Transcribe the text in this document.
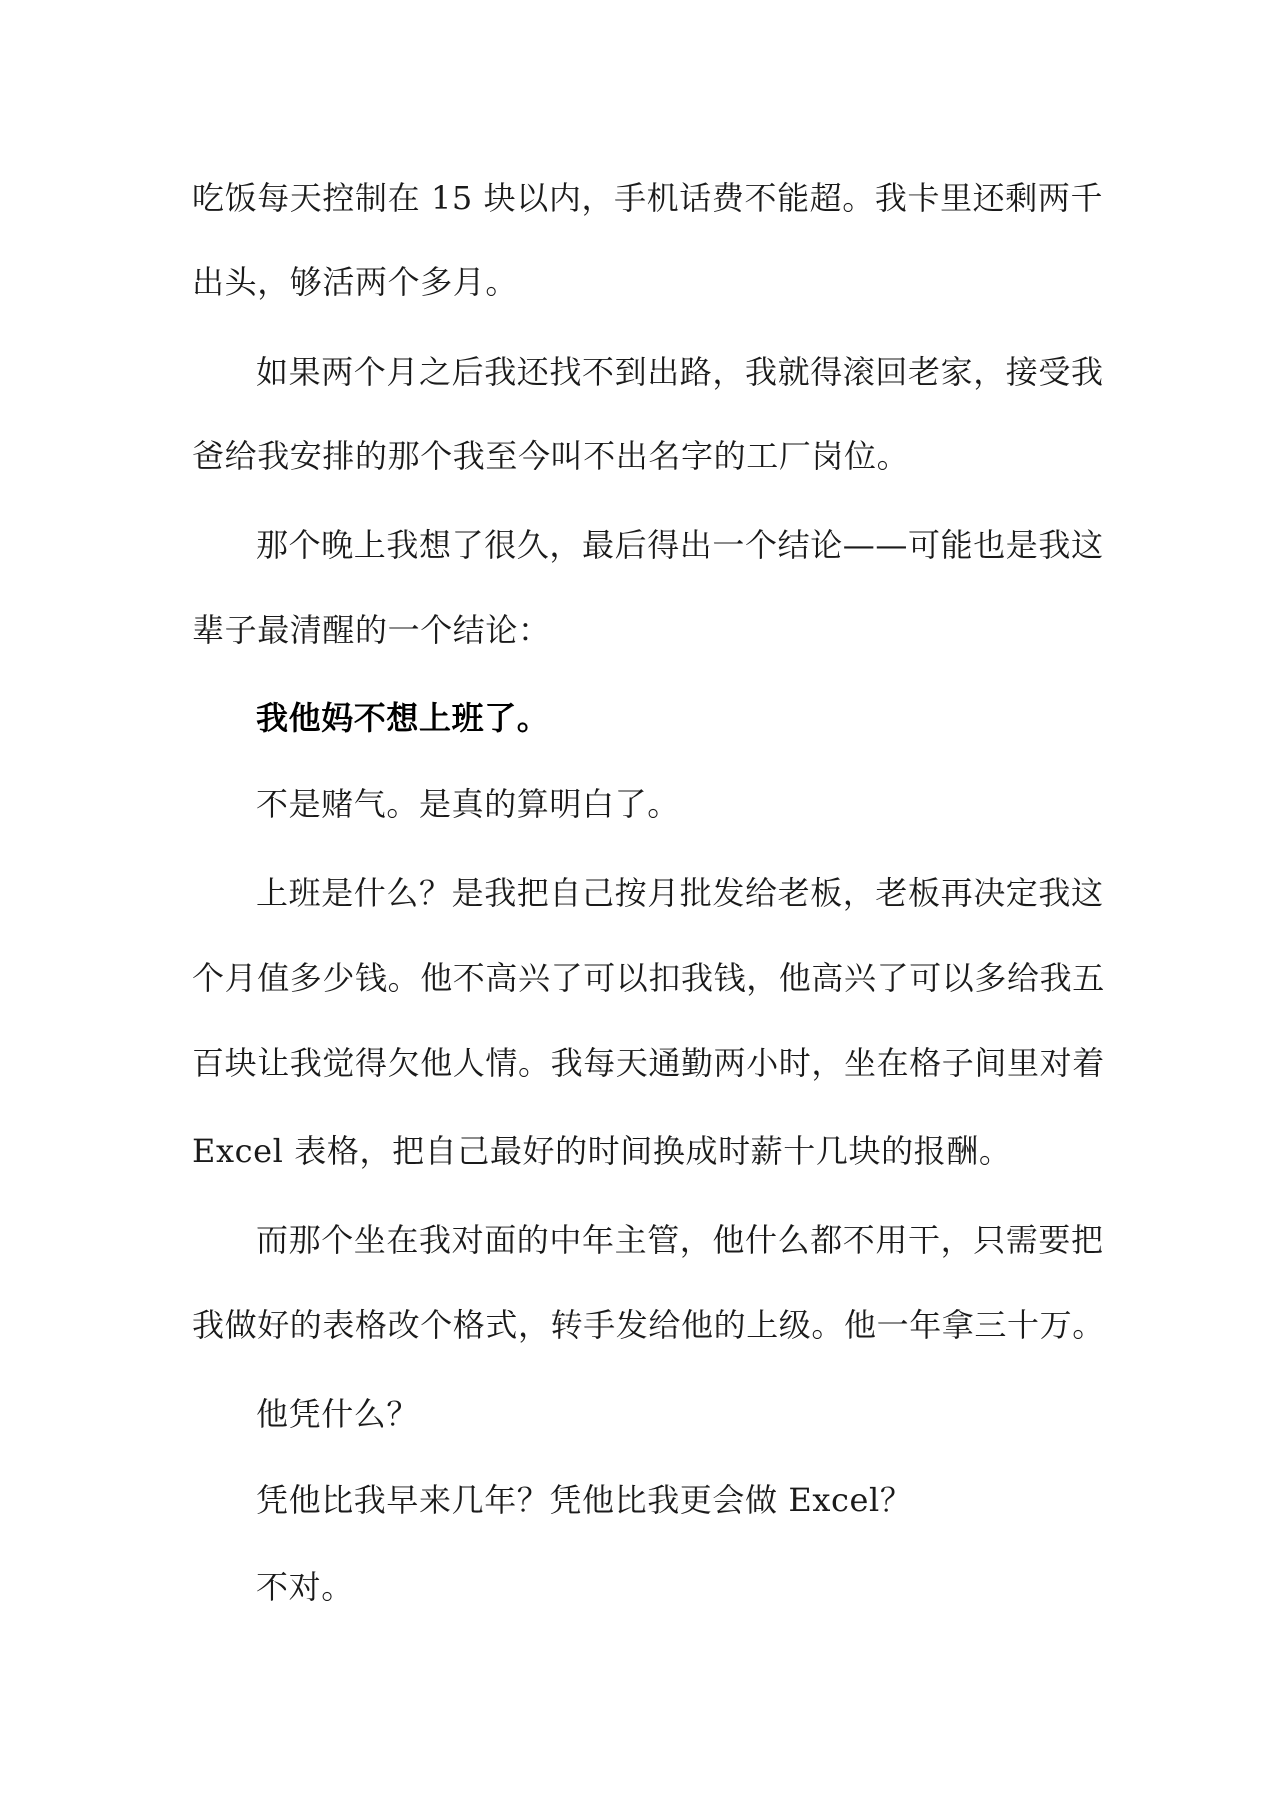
吃饭每天控制在 15 块以内，手机话费不能超。我卡里还剩两千

出头，够活两个多月。

如果两个月之后我还找不到出路，我就得滚回老家，接受我

爸给我安排的那个我至今叫不出名字的工厂岗位。

那个晚上我想了很久，最后得出一个结论——可能也是我这

辈子最清醒的一个结论：

我他妈不想上班了。

不是赌气。是真的算明白了。

上班是什么？是我把自己按月批发给老板，老板再决定我这

个月值多少钱。他不高兴了可以扣我钱，他高兴了可以多给我五

百块让我觉得欠他人情。我每天通勤两小时，坐在格子间里对着

Excel 表格，把自己最好的时间换成时薪十几块的报酬。

而那个坐在我对面的中年主管，他什么都不用干，只需要把

我做好的表格改个格式，转手发给他的上级。他一年拿三十万。

他凭什么？

凭他比我早来几年？凭他比我更会做 Excel？

不对。
